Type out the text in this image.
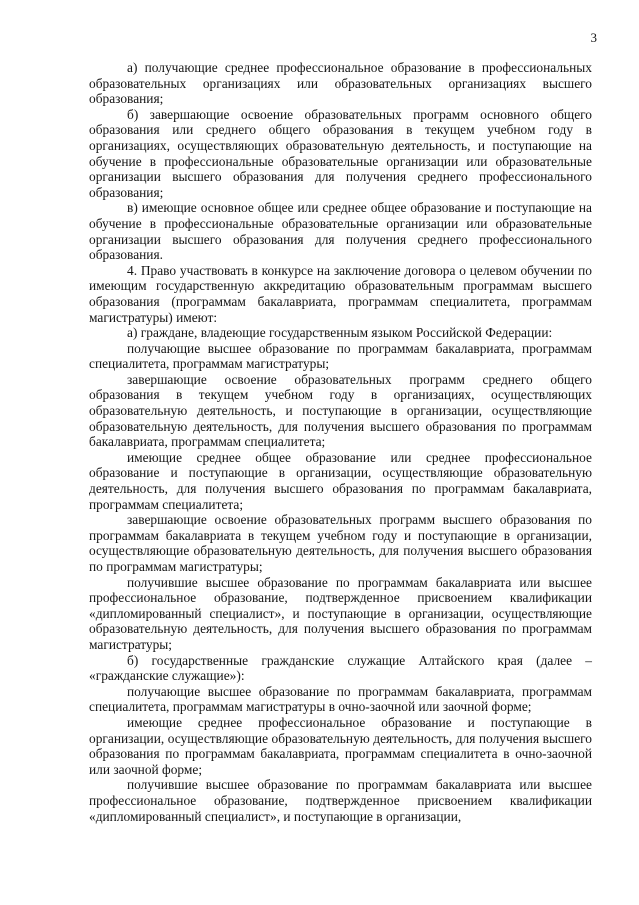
3

а) получающие среднее профессиональное образование в профессиональных образовательных организациях или образовательных организациях высшего образования;

б) завершающие освоение образовательных программ основного общего образования или среднего общего образования в текущем учебном году в организациях, осуществляющих образовательную деятельность, и поступающие на обучение в профессиональные образовательные организации или образовательные организации высшего образования для получения среднего профессионального образования;

в) имеющие основное общее или среднее общее образование и поступающие на обучение в профессиональные образовательные организации или образовательные организации высшего образования для получения среднего профессионального образования.

4. Право участвовать в конкурсе на заключение договора о целевом обучении по имеющим государственную аккредитацию образовательным программам высшего образования (программам бакалавриата, программам специалитета, программам магистратуры) имеют:

а) граждане, владеющие государственным языком Российской Федерации:

получающие высшее образование по программам бакалавриата, программам специалитета, программам магистратуры;

завершающие освоение образовательных программ среднего общего образования в текущем учебном году в организациях, осуществляющих образовательную деятельность, и поступающие в организации, осуществляющие образовательную деятельность, для получения высшего образования по программам бакалавриата, программам специалитета;

имеющие среднее общее образование или среднее профессиональное образование и поступающие в организации, осуществляющие образовательную деятельность, для получения высшего образования по программам бакалавриата, программам специалитета;

завершающие освоение образовательных программ высшего образования по программам бакалавриата в текущем учебном году и поступающие в организации, осуществляющие образовательную деятельность, для получения высшего образования по программам магистратуры;

получившие высшее образование по программам бакалавриата или высшее профессиональное образование, подтвержденное присвоением квалификации «дипломированный специалист», и поступающие в организации, осуществляющие образовательную деятельность, для получения высшего образования по программам магистратуры;

б) государственные гражданские служащие Алтайского края (далее – «гражданские служащие»):

получающие высшее образование по программам бакалавриата, программам специалитета, программам магистратуры в очно-заочной или заочной форме;

имеющие среднее профессиональное образование и поступающие в организации, осуществляющие образовательную деятельность, для получения высшего образования по программам бакалавриата, программам специалитета в очно-заочной или заочной форме;

получившие высшее образование по программам бакалавриата или высшее профессиональное образование, подтвержденное присвоением квалификации «дипломированный специалист», и поступающие в организации,
